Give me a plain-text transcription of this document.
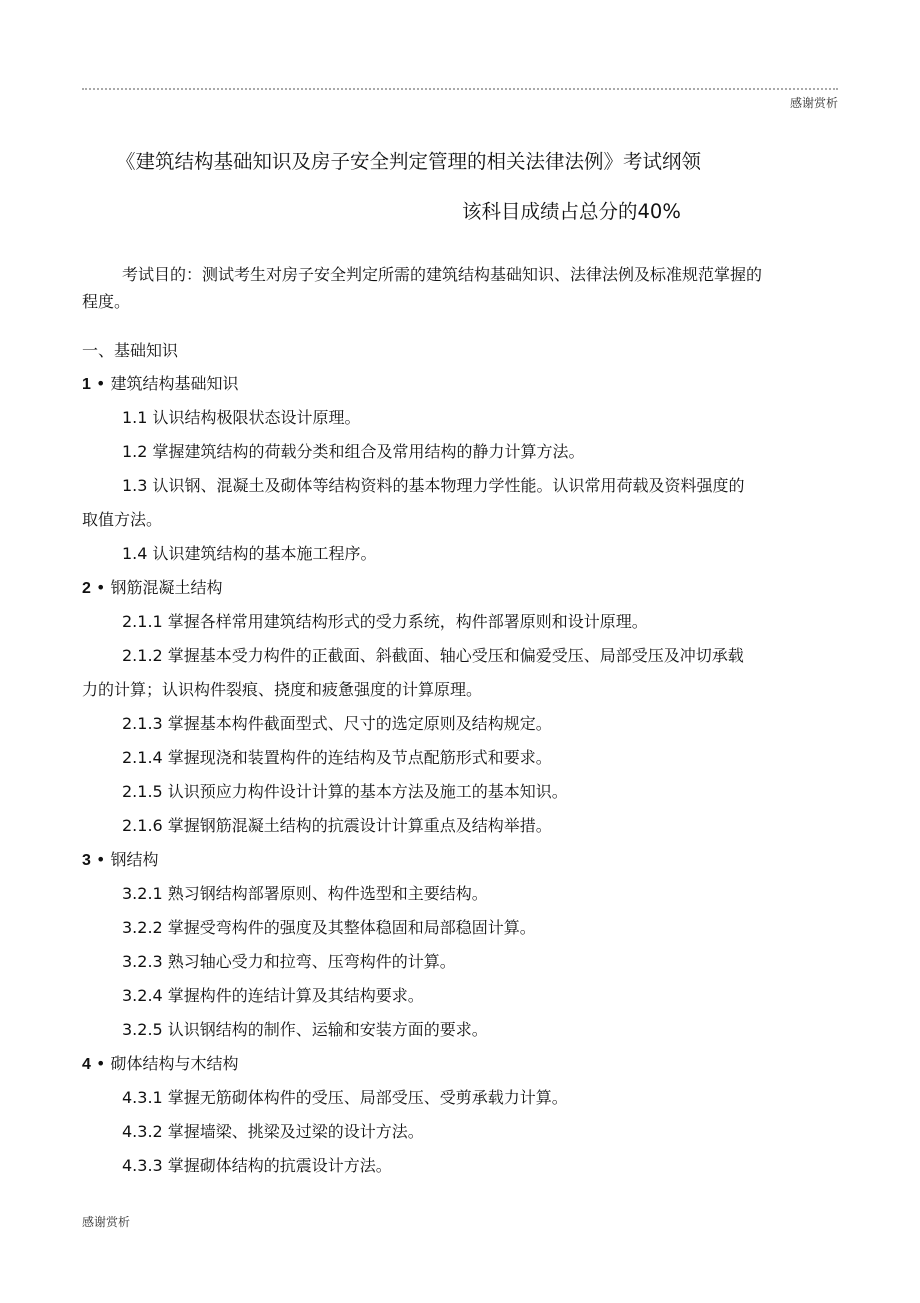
感谢赏析
《建筑结构基础知识及房子安全判定管理的相关法律法例》考试纲领
该科目成绩占总分的40%
考试目的：测试考生对房子安全判定所需的建筑结构基础知识、法律法例及标准规范掌握的
程度。
一、基础知识
1 • 建筑结构基础知识
1.1 认识结构极限状态设计原理。
1.2 掌握建筑结构的荷载分类和组合及常用结构的静力计算方法。
1.3 认识钢、混凝土及砌体等结构资料的基本物理力学性能。认识常用荷载及资料强度的
取值方法。
1.4 认识建筑结构的基本施工程序。
2 • 钢筋混凝土结构
2.1.1 掌握各样常用建筑结构形式的受力系统，构件部署原则和设计原理。
2.1.2 掌握基本受力构件的正截面、斜截面、轴心受压和偏爱受压、局部受压及冲切承载
力的计算；认识构件裂痕、挠度和疲惫强度的计算原理。
2.1.3 掌握基本构件截面型式、尺寸的选定原则及结构规定。
2.1.4 掌握现浇和装置构件的连结构及节点配筋形式和要求。
2.1.5 认识预应力构件设计计算的基本方法及施工的基本知识。
2.1.6 掌握钢筋混凝土结构的抗震设计计算重点及结构举措。
3 • 钢结构
3.2.1 熟习钢结构部署原则、构件选型和主要结构。
3.2.2 掌握受弯构件的强度及其整体稳固和局部稳固计算。
3.2.3 熟习轴心受力和拉弯、压弯构件的计算。
3.2.4 掌握构件的连结计算及其结构要求。
3.2.5 认识钢结构的制作、运输和安装方面的要求。
4 • 砌体结构与木结构
4.3.1 掌握无筋砌体构件的受压、局部受压、受剪承载力计算。
4.3.2 掌握墙梁、挑梁及过梁的设计方法。
4.3.3 掌握砌体结构的抗震设计方法。
感谢赏析
